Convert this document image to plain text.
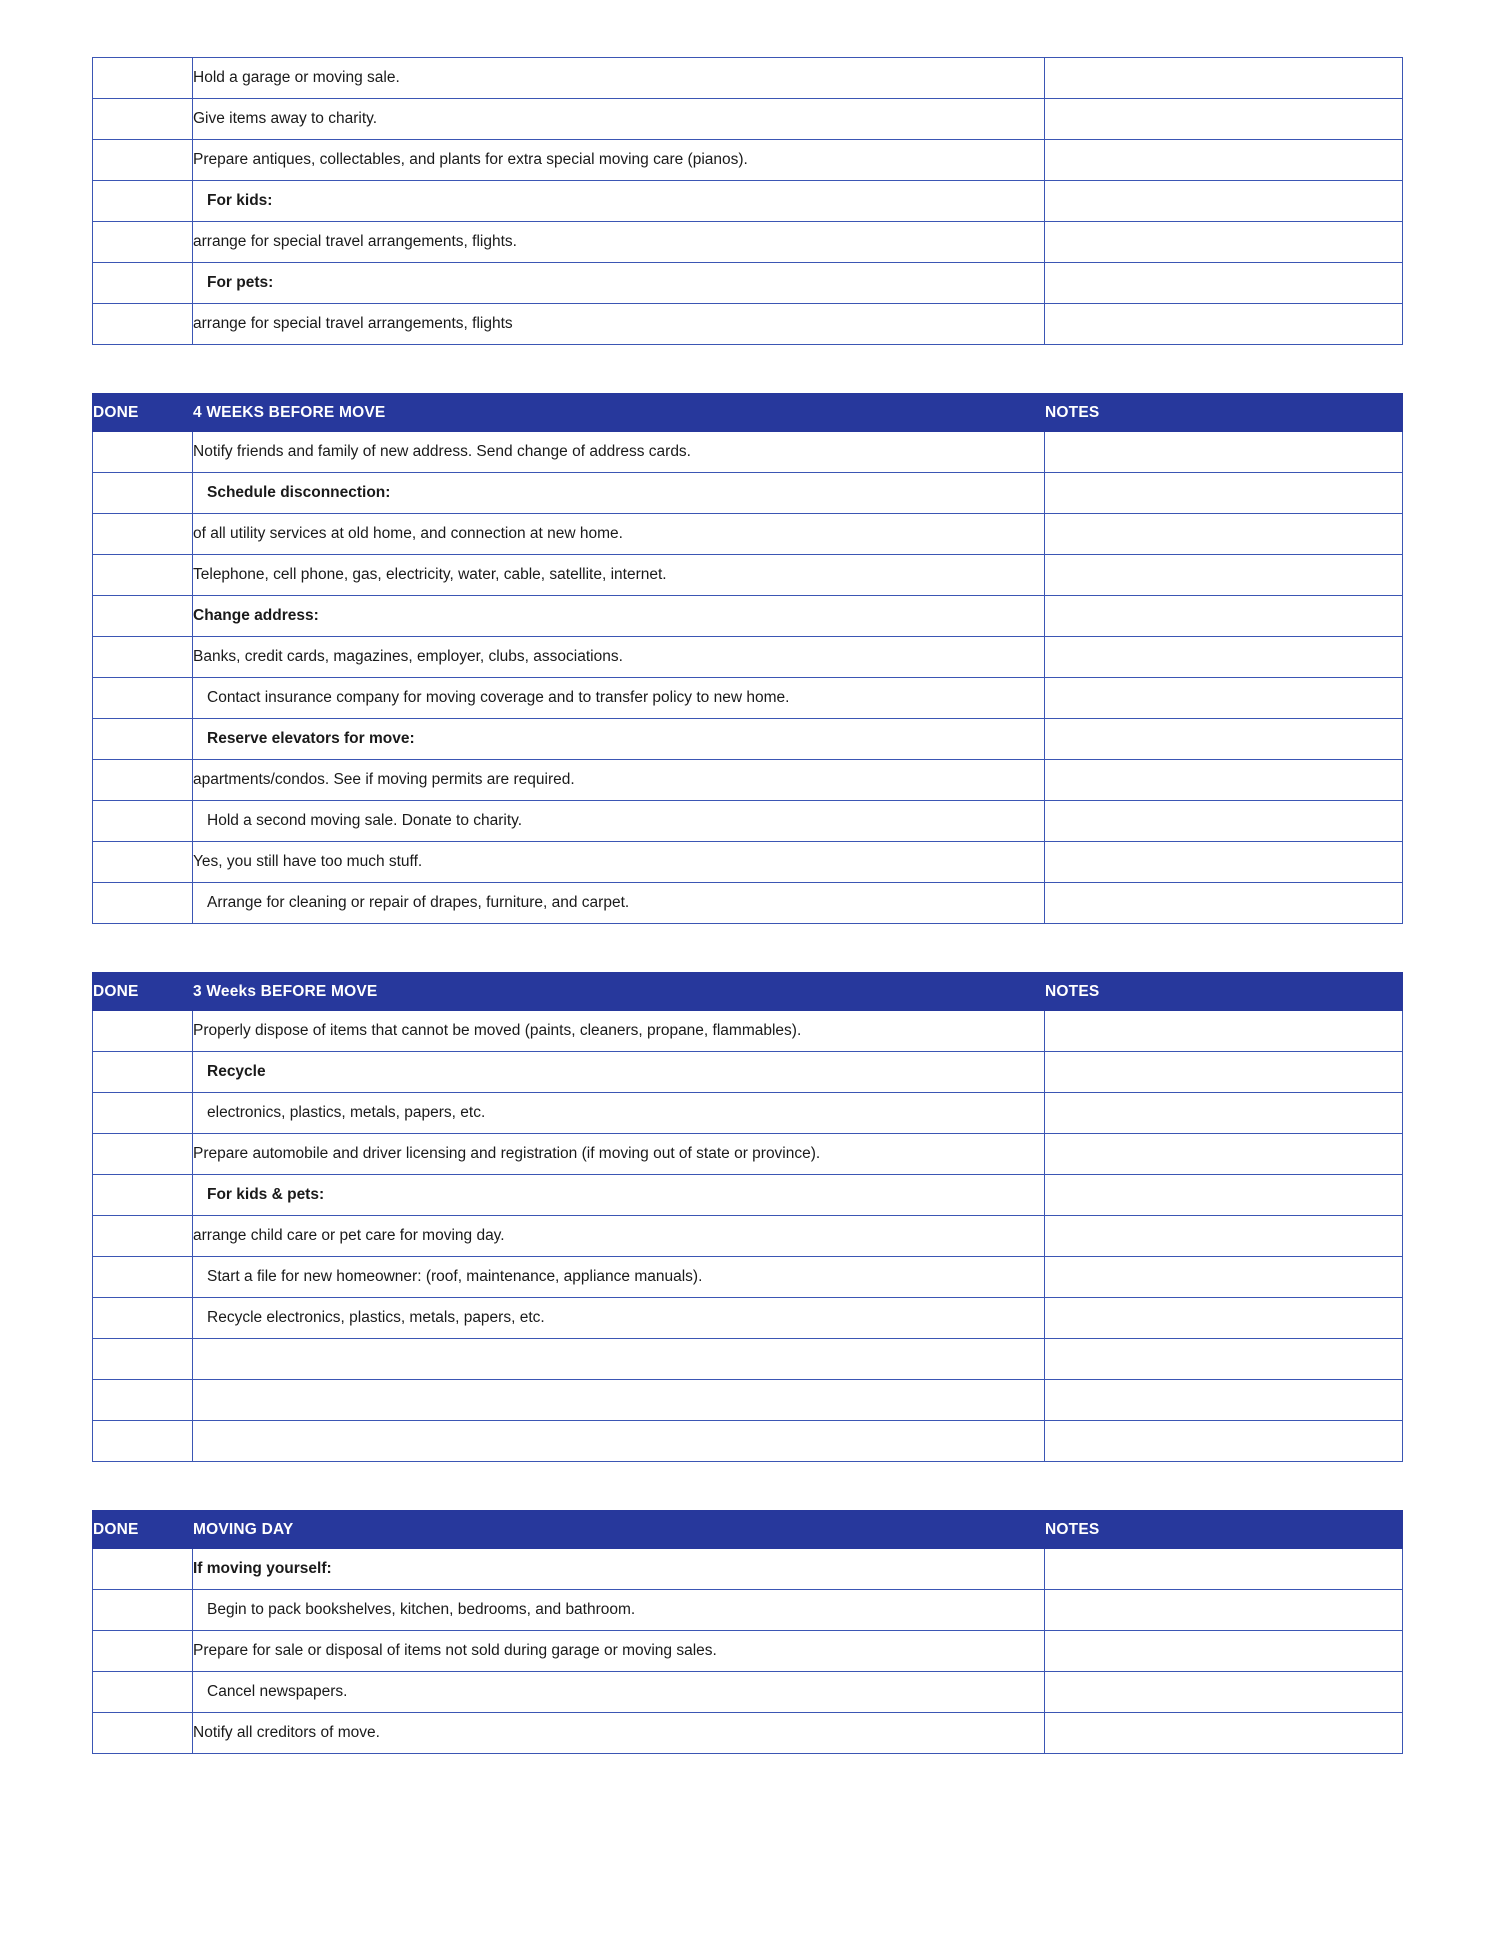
	Hold a garage or moving sale.	

	Give items away to charity.	

	Prepare antiques, collectables, and plants for extra special moving care (pianos).	

	For kids:	

	arrange for special travel arrangements, flights.	

	For pets:	

	arrange for special travel arrangements, flights	

DONE	4 WEEKS BEFORE MOVE	NOTES

	Notify friends and family of new address. Send change of address cards.	

	Schedule disconnection:	

	of all utility services at old home, and connection at new home.	

	Telephone, cell phone, gas, electricity, water, cable, satellite, internet.	

	Change address:	

	Banks, credit cards, magazines, employer, clubs, associations.	

	Contact insurance company for moving coverage and to transfer policy to new home.	

	Reserve elevators for move:	

	apartments/condos. See if moving permits are required.	

	Hold a second moving sale. Donate to charity.	

	Yes, you still have too much stuff.	

	Arrange for cleaning or repair of drapes, furniture, and carpet.	

DONE	3 Weeks BEFORE MOVE	NOTES

	Properly dispose of items that cannot be moved (paints, cleaners, propane, flammables).	

	Recycle	

	electronics, plastics, metals, papers, etc.	

	Prepare automobile and driver licensing and registration (if moving out of state or province).	

	For kids & pets:	

	arrange child care or pet care for moving day.	

	Start a file for new homeowner: (roof, maintenance, appliance manuals).	

	Recycle electronics, plastics, metals, papers, etc.	

DONE	MOVING DAY	NOTES

	If moving yourself:	

	Begin to pack bookshelves, kitchen, bedrooms, and bathroom.	

	Prepare for sale or disposal of items not sold during garage or moving sales.	

	Cancel newspapers.	

	Notify all creditors of move.	
